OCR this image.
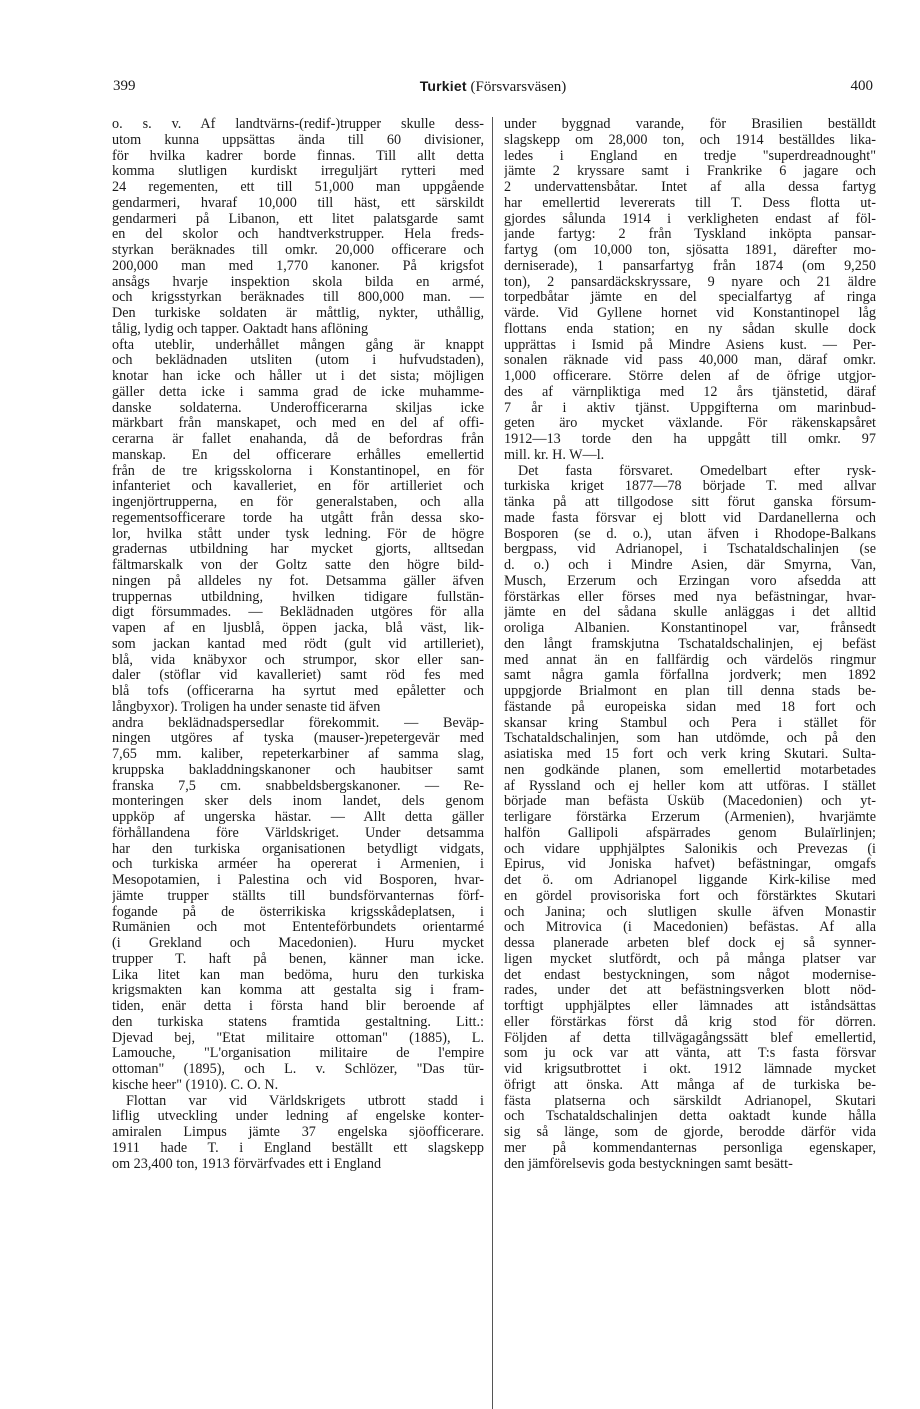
399	Turkiet (Försvarsväsen)	400
o. s. v. Af landtvärns-(redif-)trupper skulle dess-
utom kunna uppsättas ända till 60 divisioner,
för hvilka kadrer borde finnas. Till allt detta
komma slutligen kurdiskt irreguljärt rytteri med
24 regementen, ett till 51,000 man uppgående
gendarmeri, hvaraf 10,000 till häst, ett särskildt
gendarmeri på Libanon, ett litet palatsgarde samt
en del skolor och handtverkstrupper. Hela freds-
styrkan beräknades till omkr. 20,000 officerare och
200,000 man med 1,770 kanoner. På krigsfot
ansågs hvarje inspektion skola bilda en armé,
och krigsstyrkan beräknades till 800,000 man. —
Den turkiske soldaten är måttlig, nykter, uthållig,
tålig, lydig och tapper. Oaktadt hans aflöning
ofta uteblir, underhållet mången gång är knappt
och beklädnaden utsliten (utom i hufvudstaden),
knotar han icke och håller ut i det sista; möjligen
gäller detta icke i samma grad de icke muhamme-
danske soldaterna. Underofficerarna skiljas icke
märkbart från manskapet, och med en del af offi-
cerarna är fallet enahanda, då de befordras från
manskap. En del officerare erhålles emellertid
från de tre krigsskolorna i Konstantinopel, en för
infanteriet och kavalleriet, en för artilleriet och
ingenjörtrupperna, en för generalstaben, och alla
regementsofficerare torde ha utgått från dessa sko-
lor, hvilka stått under tysk ledning. För de högre
gradernas utbildning har mycket gjorts, alltsedan
fältmarskalk von der Goltz satte den högre bild-
ningen på alldeles ny fot. Detsamma gäller äfven
truppernas utbildning, hvilken tidigare fullstän-
digt försummades. — Beklädnaden utgöres för alla
vapen af en ljusblå, öppen jacka, blå väst, lik-
som jackan kantad med rödt (gult vid artilleriet),
blå, vida knäbyxor och strumpor, skor eller san-
daler (stöflar vid kavalleriet) samt röd fes med
blå tofs (officerarna ha syrtut med epåletter och
långbyxor). Troligen ha under senaste tid äfven
andra beklädnadspersedlar förekommit. — Beväp-
ningen utgöres af tyska (mauser-)repetergevär med
7,65 mm. kaliber, repeterkarbiner af samma slag,
kruppska bakladdningskanoner och haubitser samt
franska 7,5 cm. snabbeldsbergskanoner. — Re-
monteringen sker dels inom landet, dels genom
uppköp af ungerska hästar. — Allt detta gäller
förhållandena före Världskriget. Under detsamma
har den turkiska organisationen betydligt vidgats,
och turkiska arméer ha opererat i Armenien, i
Mesopotamien, i Palestina och vid Bosporen, hvar-
jämte trupper ställts till bundsförvanternas förf-
fogande på de österrikiska krigsskådeplatsen, i
Rumänien och mot Ententeförbundets orientarmé
(i Grekland och Macedonien). Huru mycket
trupper T. haft på benen, känner man icke.
Lika litet kan man bedöma, huru den turkiska
krigsmakten kan komma att gestalta sig i fram-
tiden, enär detta i första hand blir beroende af
den turkiska statens framtida gestaltning. Litt.:
Djevad bej, "État militaire ottoman" (1885), L.
Lamouche, "L'organisation militaire de l'empire
ottoman" (1895), och L. v. Schlözer, "Das tür-
kische heer" (1910). C. O. N.
Flottan var vid Världskrigets utbrott stadd i
liflig utveckling under ledning af engelske konter-
amiralen Limpus jämte 37 engelska sjöofficerare.
1911 hade T. i England beställt ett slagskepp
om 23,400 ton, 1913 förvärfvades ett i England
under byggnad varande, för Brasilien beställdt
slagskepp om 28,000 ton, och 1914 beställdes lika-
ledes i England en tredje "superdreadnought"
jämte 2 kryssare samt i Frankrike 6 jagare och
2 undervattensbåtar. Intet af alla dessa fartyg
har emellertid levererats till T. Dess flotta ut-
gjordes sålunda 1914 i verkligheten endast af föl-
jande fartyg: 2 från Tyskland inköpta pansar-
fartyg (om 10,000 ton, sjösatta 1891, därefter mo-
derniserade), 1 pansarfartyg från 1874 (om 9,250
ton), 2 pansardäckskryssare, 9 nyare och 21 äldre
torpedbåtar jämte en del specialfartyg af ringa
värde. Vid Gyllene hornet vid Konstantinopel låg
flottans enda station; en ny sådan skulle dock
upprättas i Ismid på Mindre Asiens kust. — Per-
sonalen räknade vid pass 40,000 man, däraf omkr.
1,000 officerare. Större delen af de öfrige utgjor-
des af värnpliktiga med 12 års tjänstetid, däraf
7 år i aktiv tjänst. Uppgifterna om marinbud-
geten äro mycket växlande. För räkenskapsåret
1912—13 torde den ha uppgått till omkr. 97
mill. kr. H. W—l.
Det fasta försvaret. Omedelbart efter rysk-
turkiska kriget 1877—78 började T. med allvar
tänka på att tillgodose sitt förut ganska försum-
made fasta försvar ej blott vid Dardanellerna och
Bosporen (se d. o.), utan äfven i Rhodope-Balkans
bergpass, vid Adrianopel, i Tschataldschalinjen (se
d. o.) och i Mindre Asien, där Smyrna, Van,
Musch, Erzerum och Erzingan voro afsedda att
förstärkas eller förses med nya befästningar, hvar-
jämte en del sådana skulle anläggas i det alltid
oroliga Albanien. Konstantinopel var, frånsedt
den långt framskjutna Tschataldschalinjen, ej befäst
med annat än en fallfärdig och värdelös ringmur
samt några gamla förfallna jordverk; men 1892
uppgjorde Brialmont en plan till denna stads be-
fästande på europeiska sidan med 18 fort och
skansar kring Stambul och Pera i stället för
Tschataldschalinjen, som han utdömde, och på den
asiatiska med 15 fort och verk kring Skutari. Sulta-
nen godkände planen, som emellertid motarbetades
af Ryssland och ej heller kom att utföras. I stället
började man befästa Üsküb (Macedonien) och yt-
terligare förstärka Erzerum (Armenien), hvarjämte
halfön Gallipoli afspärrades genom Bulaïrlinjen;
och vidare upphjälptes Salonikis och Prevezas (i
Epirus, vid Joniska hafvet) befästningar, omgafs
det ö. om Adrianopel liggande Kirk-kilise med
en gördel provisoriska fort och förstärktes Skutari
och Janina; och slutligen skulle äfven Monastir
och Mitrovica (i Macedonien) befästas. Af alla
dessa planerade arbeten blef dock ej så synner-
ligen mycket slutfördt, och på många platser var
det endast bestyckningen, som något modernise-
rades, under det att befästningsverken blott nöd-
torftigt upphjälptes eller lämnades att iståndsättas
eller förstärkas först då krig stod för dörren.
Följden af detta tillvägagångssätt blef emellertid,
som ju ock var att vänta, att T:s fasta försvar
vid krigsutbrottet i okt. 1912 lämnade mycket
öfrigt att önska. Att många af de turkiska be-
fästa platserna och särskildt Adrianopel, Skutari
och Tschataldschalinjen detta oaktadt kunde hålla
sig så länge, som de gjorde, berodde därför vida
mer på kommendanternas personliga egenskaper,
den jämförelsevis goda bestyckningen samt besätt-
